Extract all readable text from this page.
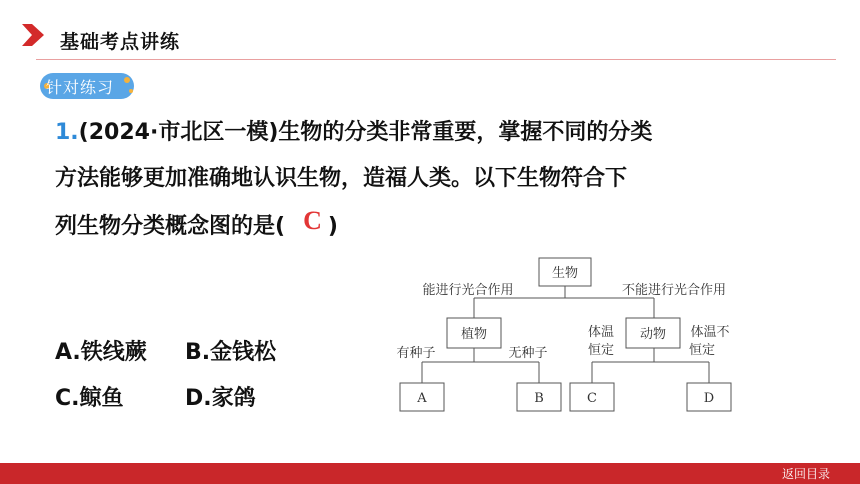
基础考点讲练
针对练习
1.(2024·市北区一模)生物的分类非常重要，掌握不同的分类
方法能够更加准确地认识生物，造福人类。以下生物符合下
列生物分类概念图的是( C )
A.铁线蕨 B.金钱松
C.鲸鱼	D.家鸽
生物
能进行光合作用	不能进行光合作用
植物	动物
有种子	无种子
体温
恒定
体温不
恒定
A	B	C	D
返回目录
